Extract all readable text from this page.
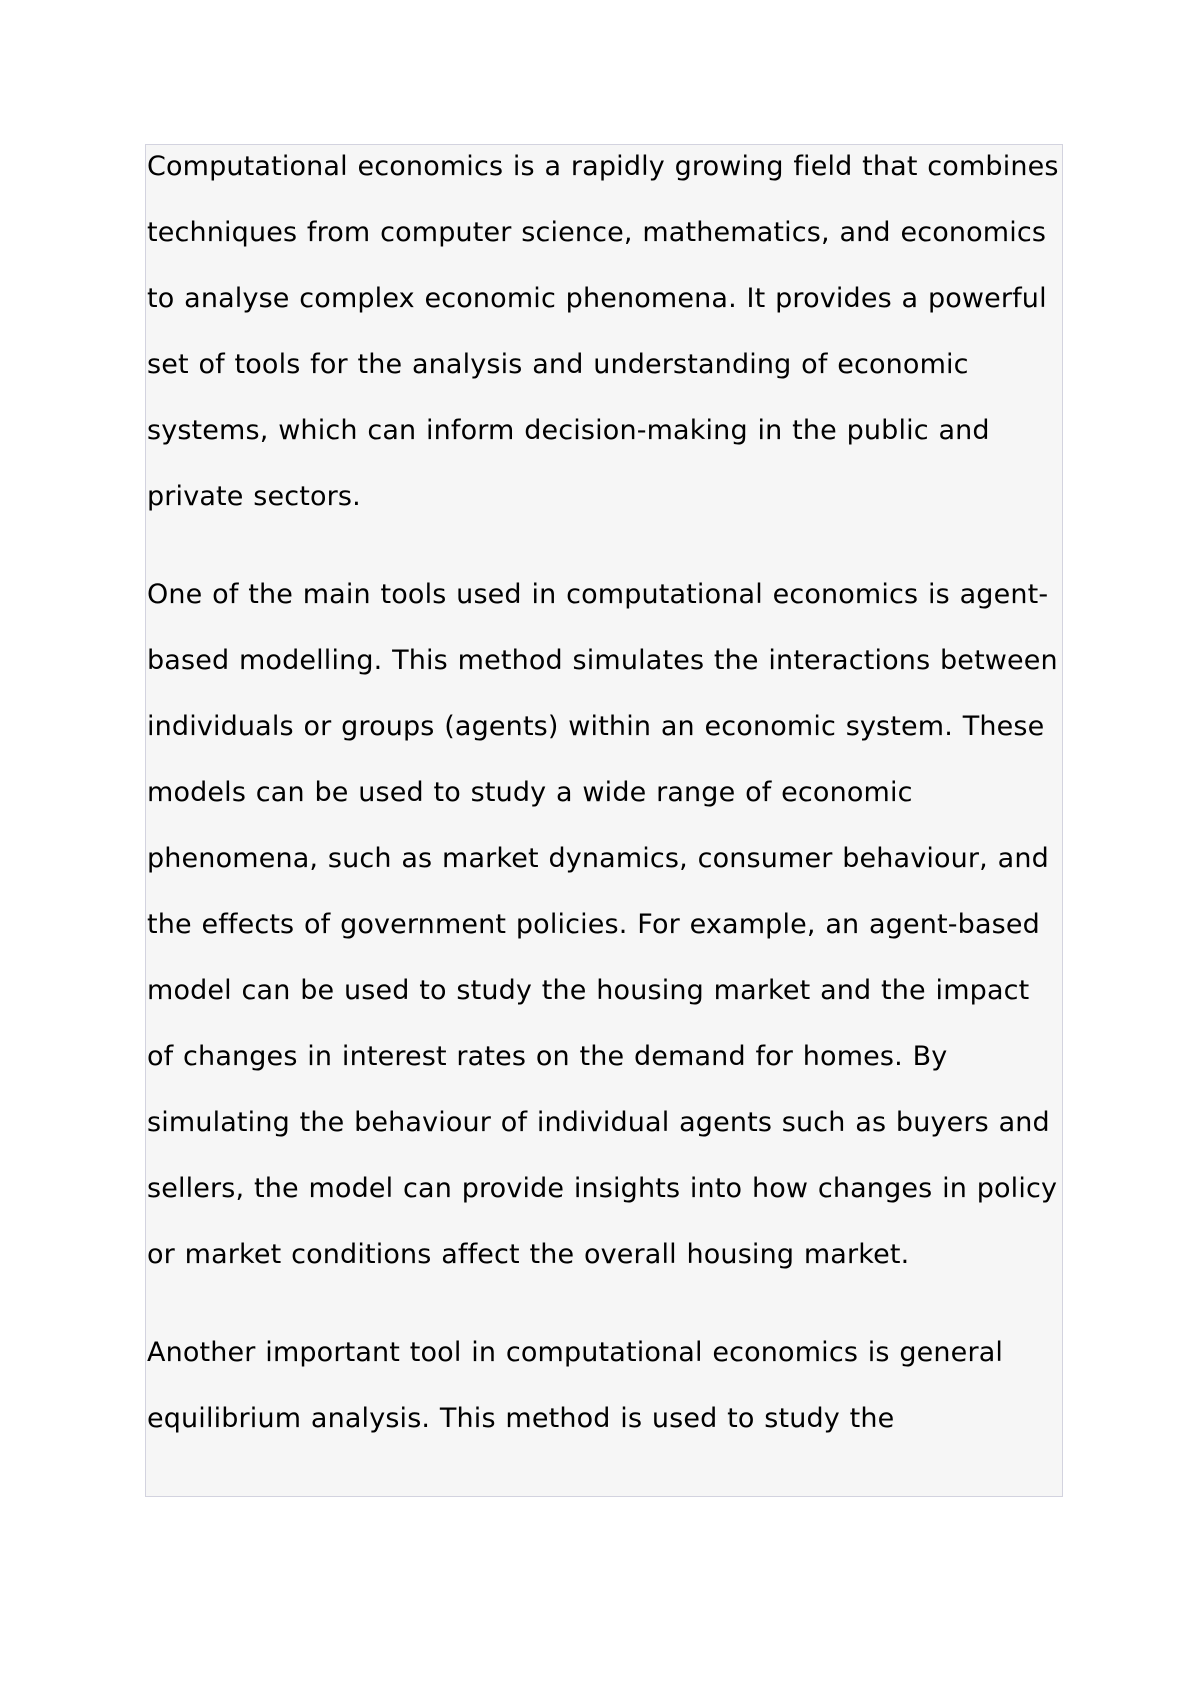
Computational economics is a rapidly growing field that combines techniques from computer science, mathematics, and economics to analyse complex economic phenomena. It provides a powerful set of tools for the analysis and understanding of economic systems, which can inform decision-making in the public and private sectors.

One of the main tools used in computational economics is agent-based modelling. This method simulates the interactions between individuals or groups (agents) within an economic system. These models can be used to study a wide range of economic phenomena, such as market dynamics, consumer behaviour, and the effects of government policies. For example, an agent-based model can be used to study the housing market and the impact of changes in interest rates on the demand for homes. By simulating the behaviour of individual agents such as buyers and sellers, the model can provide insights into how changes in policy or market conditions affect the overall housing market.

Another important tool in computational economics is general equilibrium analysis. This method is used to study the
